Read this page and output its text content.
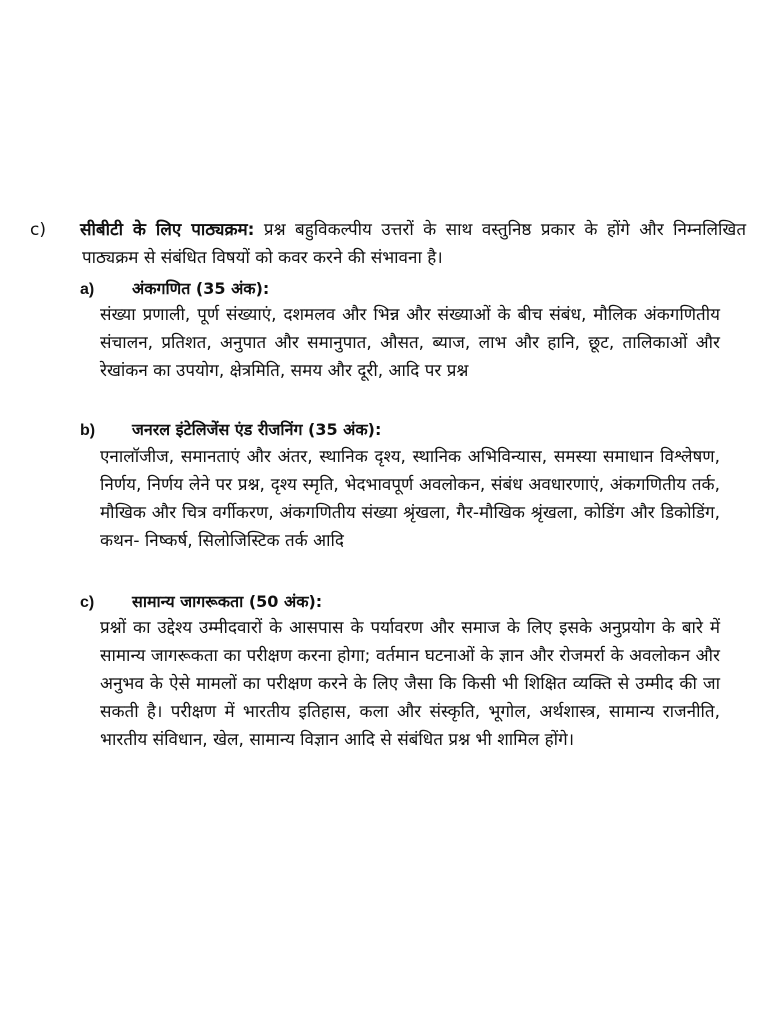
c) सीबीटी के लिए पाठ्यक्रम: प्रश्न बहुविकल्पीय उत्तरों के साथ वस्तुनिष्ठ प्रकार के होंगे और निम्नलिखित पाठ्यक्रम से संबंधित विषयों को कवर करने की संभावना है।
a) अंकगणित (35 अंक):
संख्या प्रणाली, पूर्ण संख्याएं, दशमलव और भिन्न और संख्याओं के बीच संबंध, मौलिक अंकगणितीय संचालन, प्रतिशत, अनुपात और समानुपात, औसत, ब्याज, लाभ और हानि, छूट, तालिकाओं और रेखांकन का उपयोग, क्षेत्रमिति, समय और दूरी, आदि पर प्रश्न
b) जनरल इंटेलिजेंस एंड रीजनिंग (35 अंक):
एनालॉजीज, समानताएं और अंतर, स्थानिक दृश्य, स्थानिक अभिविन्यास, समस्या समाधान विश्लेषण, निर्णय, निर्णय लेने पर प्रश्न, दृश्य स्मृति, भेदभावपूर्ण अवलोकन, संबंध अवधारणाएं, अंकगणितीय तर्क, मौखिक और चित्र वर्गीकरण, अंकगणितीय संख्या श्रृंखला, गैर-मौखिक श्रृंखला, कोडिंग और डिकोडिंग, कथन- निष्कर्ष, सिलोजिस्टिक तर्क आदि
c) सामान्य जागरूकता (50 अंक):
प्रश्नों का उद्देश्य उम्मीदवारों के आसपास के पर्यावरण और समाज के लिए इसके अनुप्रयोग के बारे में सामान्य जागरूकता का परीक्षण करना होगा; वर्तमान घटनाओं के ज्ञान और रोजमर्रा के अवलोकन और अनुभव के ऐसे मामलों का परीक्षण करने के लिए जैसा कि किसी भी शिक्षित व्यक्ति से उम्मीद की जा सकती है। परीक्षण में भारतीय इतिहास, कला और संस्कृति, भूगोल, अर्थशास्त्र, सामान्य राजनीति, भारतीय संविधान, खेल, सामान्य विज्ञान आदि से संबंधित प्रश्न भी शामिल होंगे।
